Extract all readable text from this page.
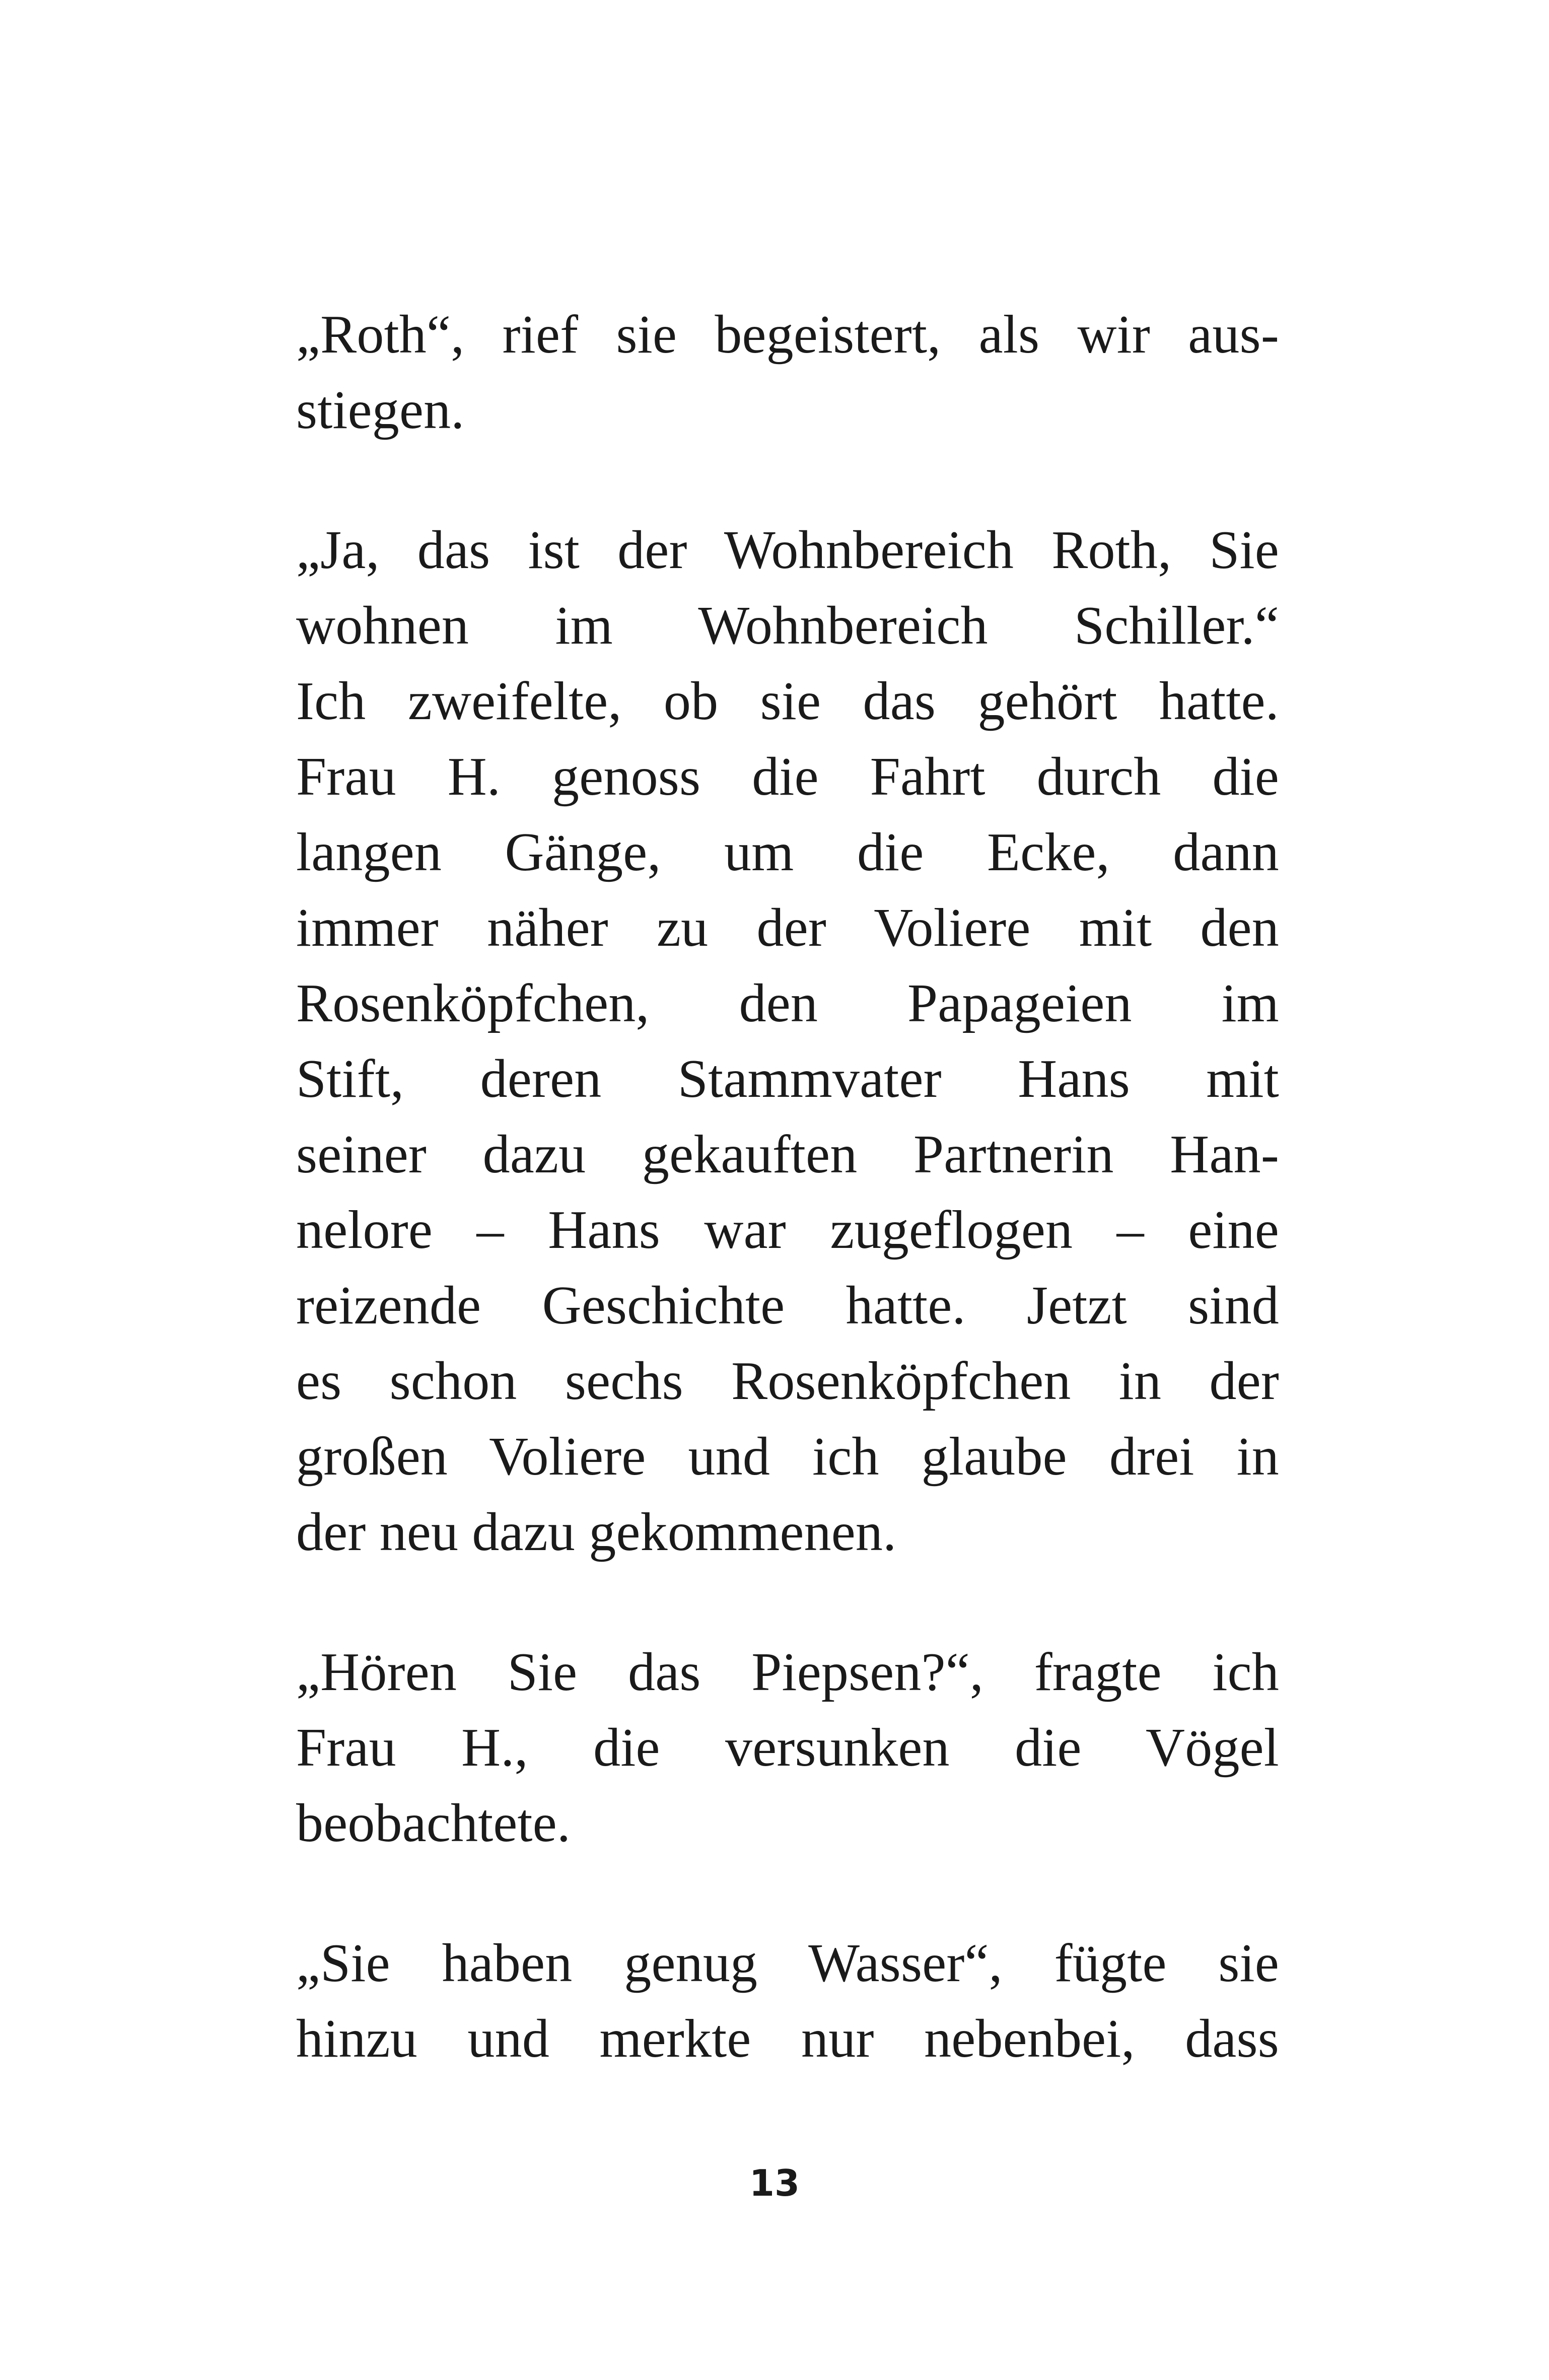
„Roth“, rief sie begeistert, als wir aus-
stiegen.
„Ja, das ist der Wohnbereich Roth, Sie
wohnen im Wohnbereich Schiller.“
Ich zweifelte, ob sie das gehört hatte.
Frau H. genoss die Fahrt durch die
langen Gänge, um die Ecke, dann
immer näher zu der Voliere mit den
Rosenköpfchen, den Papageien im
Stift, deren Stammvater Hans mit
seiner dazu gekauften Partnerin Han-
nelore – Hans war zugeflogen – eine
reizende Geschichte hatte. Jetzt sind
es schon sechs Rosenköpfchen in der
großen Voliere und ich glaube drei in
der neu dazu gekommenen.
„Hören Sie das Piepsen?“, fragte ich
Frau H., die versunken die Vögel
beobachtete.
„Sie haben genug Wasser“, fügte sie
hinzu und merkte nur nebenbei, dass
13
